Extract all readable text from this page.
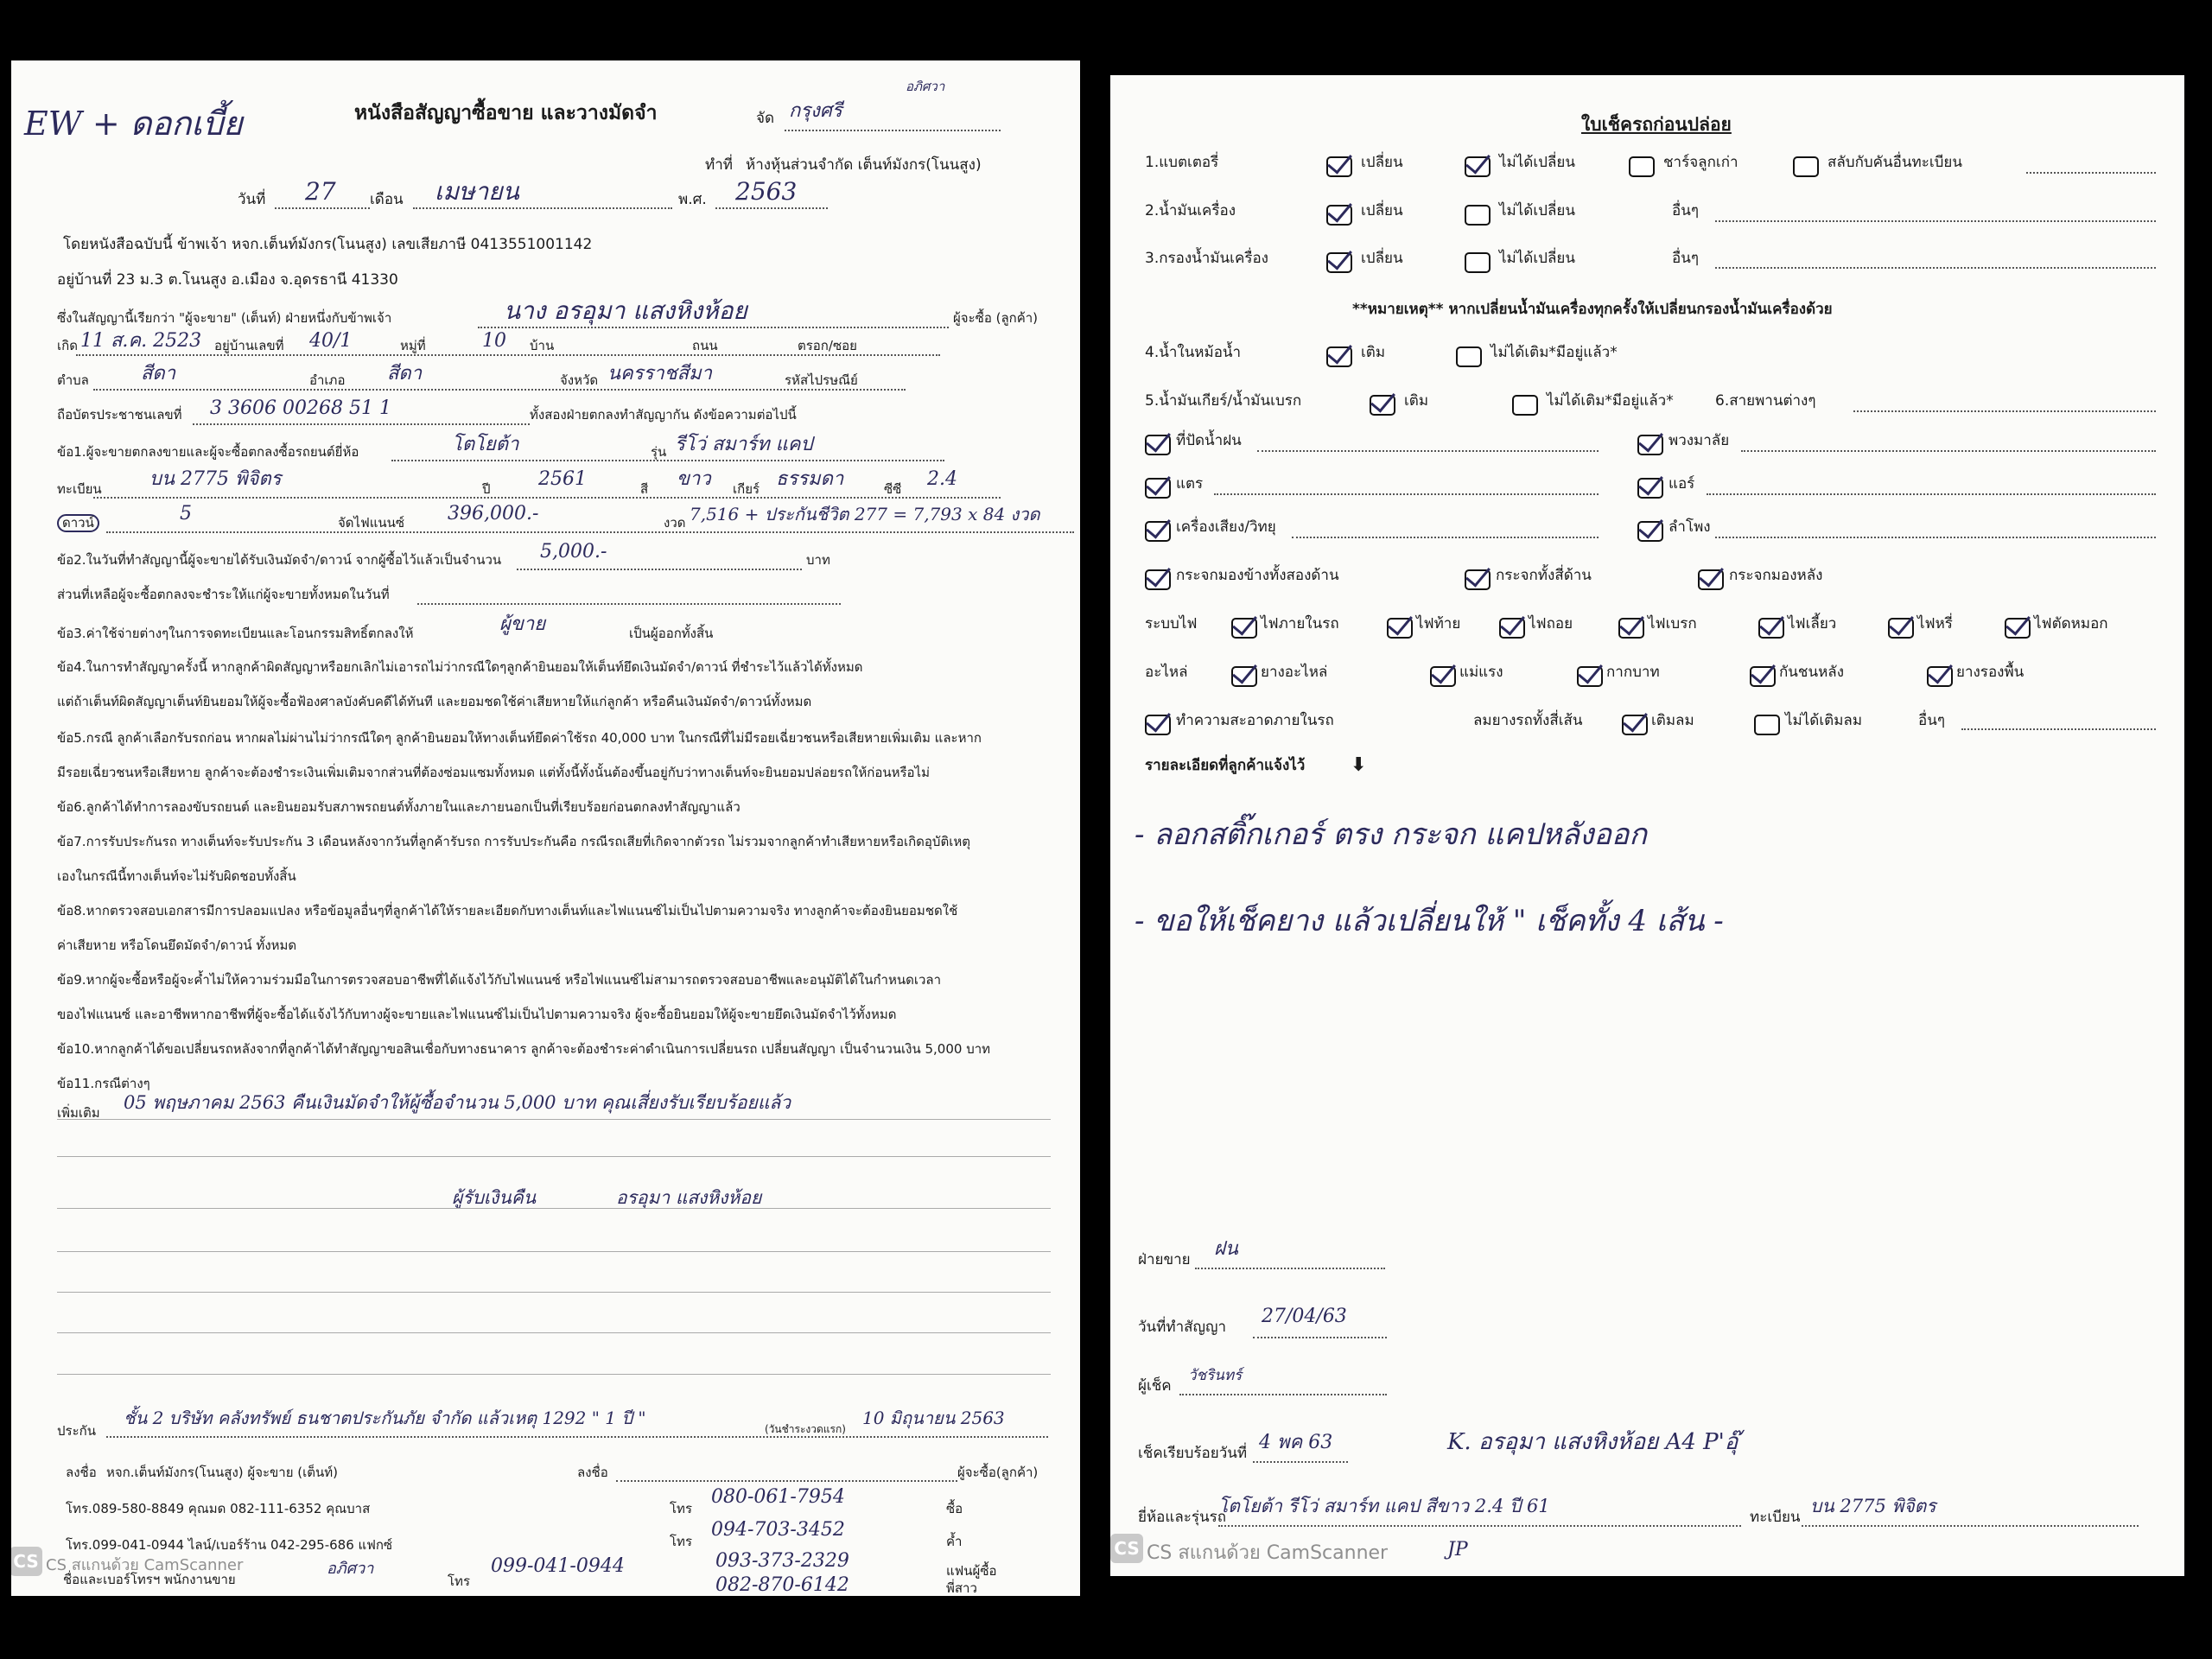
EW + ดอกเบี้ย	หนังสือสัญญาซื้อขาย และวางมัดจำ	จัด กรุงศรี
อภิศวา
ทำที่ ห้างหุ้นส่วนจำกัด เต็นท์มังกร(โนนสูง)
วันที่ 27 เดือน เมษายน	พ.ศ. 2563
โดยหนังสือฉบับนี้ ข้าพเจ้า หจก.เต็นท์มังกร(โนนสูง) เลขเสียภาษี 0413551001142
อยู่บ้านที่ 23 ม.3 ต.โนนสูง อ.เมือง จ.อุดรธานี 41330
ซึ่งในสัญญานี้เรียกว่า "ผู้จะขาย" (เต็นท์) ฝ่ายหนึ่งกับข้าพเจ้า	นาง อรอุมา แสงหิงห้อย	ผู้จะซื้อ (ลูกค้า)
เกิด 11 ส.ค. 2523 อยู่บ้านเลขที่ 40/1	หมู่ที่	10 บ้าน	ถนน	ตรอก/ซอย
ตำบล	สีดา	อำเภอ สีดา	จังหวัด นครราชสีมา	รหัสไปรษณีย์
ถือบัตรประชาชนเลขที่ 3 3606 00268 51 1	ทั้งสองฝ่ายตกลงทำสัญญากัน ดังข้อความต่อไปนี้
ข้อ1.ผู้จะขายตกลงขายและผู้จะซื้อตกลงซื้อรถยนต์ยี่ห้อ	โตโยต้า	รุ่น รีโว่ สมาร์ท แคป
ทะเบียน	บน 2775 พิจิตร	ปี	2561	สี ขาว เกียร์ ธรรมดา	ซีซี 2.4
ดาวน์	5	จัดไฟแนนซ์ 396,000.-	งวด 7,516 + ประกันชีวิต 277 = 7,793 x 84 งวด
ข้อ2.ในวันที่ทำสัญญานี้ผู้จะขายได้รับเงินมัดจำ/ดาวน์ จากผู้ซื้อไว้แล้วเป็นจำนวน 5,000.-	บาท
ส่วนที่เหลือผู้จะซื้อตกลงจะชำระให้แก่ผู้จะขายทั้งหมดในวันที่
ข้อ3.ค่าใช้จ่ายต่างๆในการจดทะเบียนและโอนกรรมสิทธิ์ตกลงให้	ผู้ขาย	เป็นผู้ออกทั้งสิ้น
ข้อ4.ในการทำสัญญาครั้งนี้ หากลูกค้าผิดสัญญาหรือยกเลิกไม่เอารถไม่ว่ากรณีใดๆลูกค้ายินยอมให้เต็นท์ยึดเงินมัดจำ/ดาวน์ ที่ชำระไว้แล้วได้ทั้งหมด
แต่ถ้าเต็นท์ผิดสัญญาเต็นท์ยินยอมให้ผู้จะซื้อฟ้องศาลบังคับคดีได้ทันที และยอมชดใช้ค่าเสียหายให้แก่ลูกค้า หรือคืนเงินมัดจำ/ดาวน์ทั้งหมด
ข้อ5.กรณี ลูกค้าเลือกรับรถก่อน หากผลไม่ผ่านไม่ว่ากรณีใดๆ ลูกค้ายินยอมให้ทางเต็นท์ยึดค่าใช้รถ 40,000 บาท ในกรณีที่ไม่มีรอยเฉี่ยวชนหรือเสียหายเพิ่มเติม และหาก
มีรอยเฉี่ยวชนหรือเสียหาย ลูกค้าจะต้องชำระเงินเพิ่มเติมจากส่วนที่ต้องซ่อมแซมทั้งหมด แต่ทั้งนี้ทั้งนั้นต้องขึ้นอยู่กับว่าทางเต็นท์จะยินยอมปล่อยรถให้ก่อนหรือไม่
ข้อ6.ลูกค้าได้ทำการลองขับรถยนต์ และยินยอมรับสภาพรถยนต์ทั้งภายในและภายนอกเป็นที่เรียบร้อยก่อนตกลงทำสัญญาแล้ว
ข้อ7.การรับประกันรถ ทางเต็นท์จะรับประกัน 3 เดือนหลังจากวันที่ลูกค้ารับรถ การรับประกันคือ กรณีรถเสียที่เกิดจากตัวรถ ไม่รวมจากลูกค้าทำเสียหายหรือเกิดอุบัติเหตุ
เองในกรณีนี้ทางเต็นท์จะไม่รับผิดชอบทั้งสิ้น
ข้อ8.หากตรวจสอบเอกสารมีการปลอมแปลง หรือข้อมูลอื่นๆที่ลูกค้าได้ให้รายละเอียดกับทางเต็นท์และไฟแนนซ์ไม่เป็นไปตามความจริง ทางลูกค้าจะต้องยินยอมชดใช้
ค่าเสียหาย หรือโดนยึดมัดจำ/ดาวน์ ทั้งหมด
ข้อ9.หากผู้จะซื้อหรือผู้จะค้ำไม่ให้ความร่วมมือในการตรวจสอบอาชีพที่ได้แจ้งไว้กับไฟแนนซ์ หรือไฟแนนซ์ไม่สามารถตรวจสอบอาชีพและอนุมัติได้ในกำหนดเวลา
ของไฟแนนซ์ และอาชีพหากอาชีพที่ผู้จะซื้อได้แจ้งไว้กับทางผู้จะขายและไฟแนนซ์ไม่เป็นไปตามความจริง ผู้จะซื้อยินยอมให้ผู้จะขายยึดเงินมัดจำไว้ทั้งหมด
ข้อ10.หากลูกค้าได้ขอเปลี่ยนรถหลังจากที่ลูกค้าได้ทำสัญญาขอสินเชื่อกับทางธนาคาร ลูกค้าจะต้องชำระค่าดำเนินการเปลี่ยนรถ เปลี่ยนสัญญา เป็นจำนวนเงิน 5,000 บาท
ข้อ11.กรณีต่างๆ
เพิ่มเติม 05 พฤษภาคม 2563 คืนเงินมัดจำให้ผู้ซื้อจำนวน 5,000 บาท คุณเสี่ยงรับเรียบร้อยแล้ว
ผู้รับเงินคืน	อรอุมา แสงหิงห้อย
ประกัน
ชั้น 2 บริษัท คลังทรัพย์ ธนชาตประกันภัย จำกัด แล้วเหตุ 1292 " 1 ปี "
(วันชำระงวดแรก)
10 มิถุนายน 2563
ลงชื่อ หจก.เต็นท์มังกร(โนนสูง) ผู้จะขาย (เต็นท์)	ลงชื่อ	ผู้จะซื้อ(ลูกค้า)
โทร.089-580-8849 คุณมด 082-111-6352 คุณบาส
โทร.099-041-0944 ไลน์/เบอร์ร้าน 042-295-686 แฟกซ์
โทร
080-061-7954
ซื้อ
โทร
094-703-3452
ค้ำ
093-373-2329	แฟนผู้ซื้อ
082-870-6142	พี่สาว
ชื่อและเบอร์โทรฯ พนักงานขาย
อภิศวา
โทร
099-041-0944
CS CS สแกนด้วย CamScanner
ใบเช็ครถก่อนปล่อย
1.แบตเตอรี่	เปลี่ยน	ไม่ได้เปลี่ยน	ชาร์จลูกเก่า	สลับกับคันอื่นทะเบียน
2.น้ำมันเครื่อง	เปลี่ยน	ไม่ได้เปลี่ยน	อื่นๆ
3.กรองน้ำมันเครื่อง	เปลี่ยน	ไม่ได้เปลี่ยน	อื่นๆ
**หมายเหตุ** หากเปลี่ยนน้ำมันเครื่องทุกครั้งให้เปลี่ยนกรองน้ำมันเครื่องด้วย
4.น้ำในหม้อน้ำ	เติม	ไม่ได้เติม*มีอยู่แล้ว*
5.น้ำมันเกียร์/น้ำมันเบรก	เติม	ไม่ได้เติม*มีอยู่แล้ว*	6.สายพานต่างๆ
ที่ปัดน้ำฝน	พวงมาลัย
แตร	แอร์
เครื่องเสียง/วิทยุ	ลำโพง
กระจกมองข้างทั้งสองด้าน	กระจกทั้งสี่ด้าน	กระจกมองหลัง
ระบบไฟ	ไฟภายในรถ	ไฟท้าย	ไฟถอย	ไฟเบรก	ไฟเลี้ยว	ไฟหรี่	ไฟตัดหมอก
อะไหล่	ยางอะไหล่	แม่แรง	กากบาท	กันชนหลัง	ยางรองพื้น
ทำความสะอาดภายในรถ	ลมยางรถทั้งสี่เส้น	เติมลม	ไม่ได้เติมลม	อื่นๆ
รายละเอียดที่ลูกค้าแจ้งไว้ ⬇
- ลอกสติ๊กเกอร์ ตรง กระจก แคปหลังออก
- ขอให้เช็คยาง แล้วเปลี่ยนให้ " เช็คทั้ง 4 เส้น -
ฝ่ายขาย ฝน
วันที่ทำสัญญา 27/04/63
ผู้เช็ค
วัชรินทร์
เช็คเรียบร้อยวันที่ 4 พค 63	K. อรอุมา แสงหิงห้อย A4 P'อุ๊
ยี่ห้อและรุ่นรถ
โตโยต้า รีโว่ สมาร์ท แคป สีขาว 2.4 ปี 61
ทะเบียน
บน 2775 พิจิตร
JP
CS CS สแกนด้วย CamScanner
